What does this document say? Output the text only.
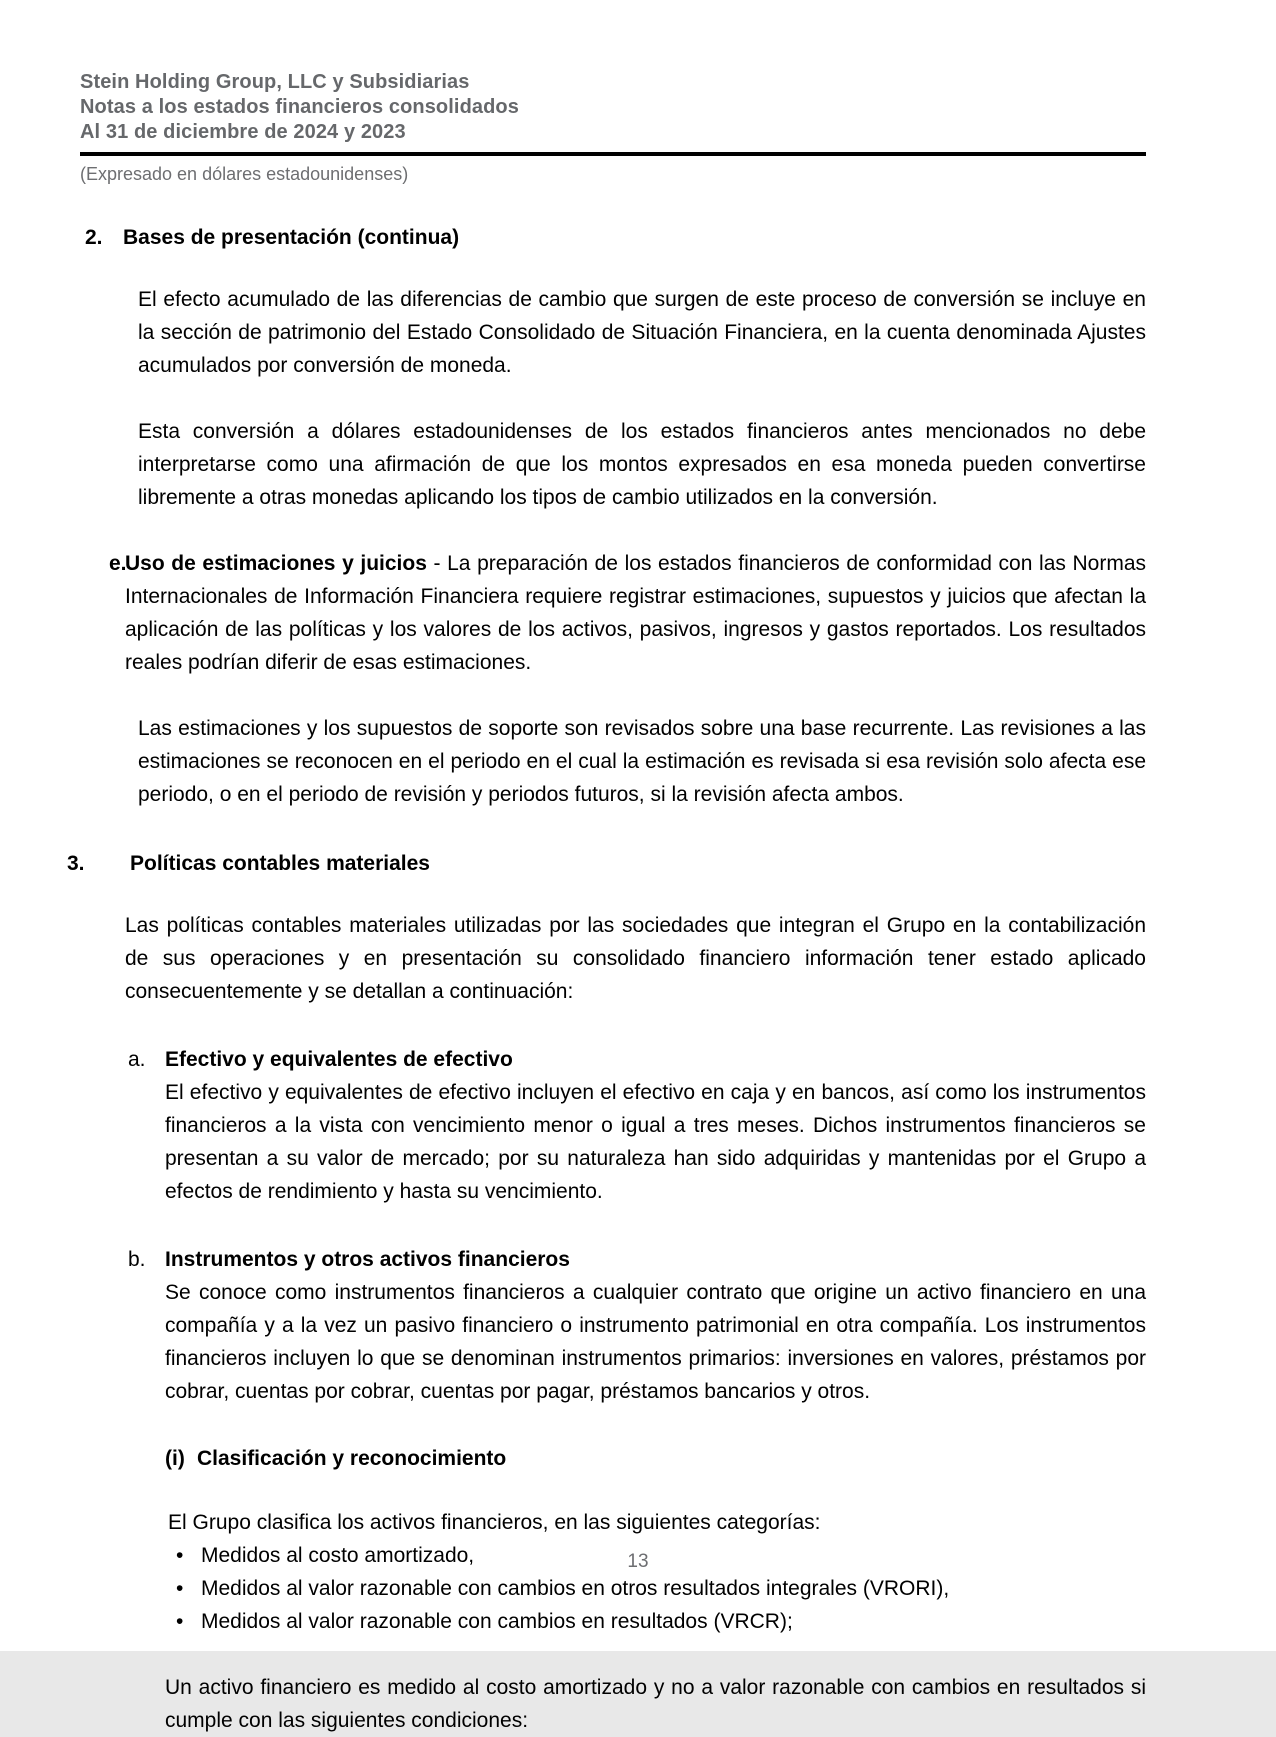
Stein Holding Group, LLC y Subsidiarias
Notas a los estados financieros consolidados
Al 31 de diciembre de 2024 y 2023
(Expresado en dólares estadounidenses)
2. Bases de presentación (continua)

El efecto acumulado de las diferencias de cambio que surgen de este proceso de conversión se incluye en la sección de patrimonio del Estado Consolidado de Situación Financiera, en la cuenta denominada Ajustes acumulados por conversión de moneda.

Esta conversión a dólares estadounidenses de los estados financieros antes mencionados no debe interpretarse como una afirmación de que los montos expresados en esa moneda pueden convertirse libremente a otras monedas aplicando los tipos de cambio utilizados en la conversión.

e.
Uso de estimaciones y juicios - La preparación de los estados financieros de conformidad con las Normas Internacionales de Información Financiera requiere registrar estimaciones, supuestos y juicios que afectan la aplicación de las políticas y los valores de los activos, pasivos, ingresos y gastos reportados. Los resultados reales podrían diferir de esas estimaciones.

Las estimaciones y los supuestos de soporte son revisados sobre una base recurrente. Las revisiones a las estimaciones se reconocen en el periodo en el cual la estimación es revisada si esa revisión solo afecta ese periodo, o en el periodo de revisión y periodos futuros, si la revisión afecta ambos.

3.	Políticas contables materiales

Las políticas contables materiales utilizadas por las sociedades que integran el Grupo en la contabilización de sus operaciones y en presentación su consolidado financiero información tener estado aplicado consecuentemente y se detallan a continuación:

a. Efectivo y equivalentes de efectivo
El efectivo y equivalentes de efectivo incluyen el efectivo en caja y en bancos, así como los instrumentos financieros a la vista con vencimiento menor o igual a tres meses. Dichos instrumentos financieros se presentan a su valor de mercado; por su naturaleza han sido adquiridas y mantenidas por el Grupo a efectos de rendimiento y hasta su vencimiento.
b. Instrumentos y otros activos financieros
Se conoce como instrumentos financieros a cualquier contrato que origine un activo financiero en una compañía y a la vez un pasivo financiero o instrumento patrimonial en otra compañía. Los instrumentos financieros incluyen lo que se denominan instrumentos primarios: inversiones en valores, préstamos por cobrar, cuentas por cobrar, cuentas por pagar, préstamos bancarios y otros.
(i) Clasificación y reconocimiento

El Grupo clasifica los activos financieros, en las siguientes categorías:

• Medidos al costo amortizado,
• Medidos al valor razonable con cambios en otros resultados integrales (VRORI),
• Medidos al valor razonable con cambios en resultados (VRCR);

Un activo financiero es medido al costo amortizado y no a valor razonable con cambios en resultados si cumple con las siguientes condiciones:

13
